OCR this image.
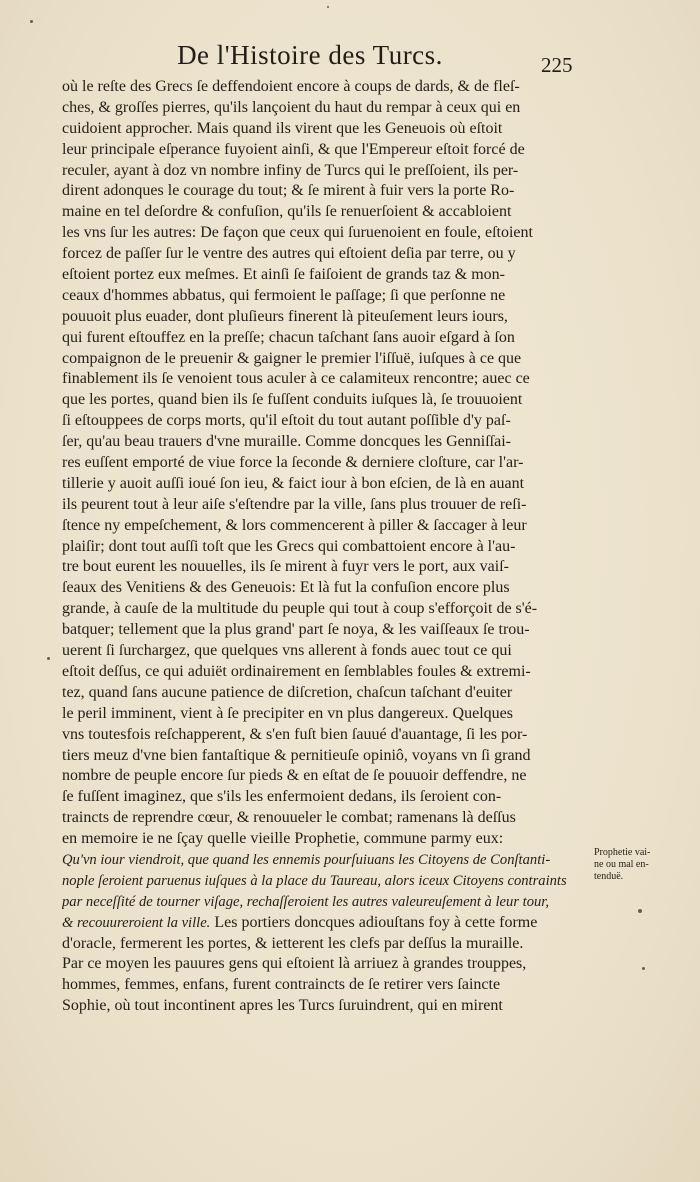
De l'Histoire des Turcs.	225
où le reſte des Grecs ſe deffendoient encore à coups de dards, & de fleſ-
ches, & groſſes pierres, qu'ils lançoient du haut du rempar à ceux qui en
cuidoient approcher. Mais quand ils virent que les Geneuois où eſtoit
leur principale eſperance fuyoient ainſi, & que l'Empereur eſtoit forcé de
reculer, ayant à doz vn nombre infiny de Turcs qui le preſſoient, ils per-
dirent adonques le courage du tout; & ſe mirent à fuir vers la porte Ro-
maine en tel deſordre & confuſion, qu'ils ſe renuerſoient & accabloient
les vns ſur les autres: De façon que ceux qui ſuruenoient en foule, eſtoient
forcez de paſſer ſur le ventre des autres qui eſtoient deſia par terre, ou y
eſtoient portez eux meſmes. Et ainſi ſe faiſoient de grands taz & mon-
ceaux d'hommes abbatus, qui fermoient le paſſage; ſi que perſonne ne
pouuoit plus euader, dont pluſieurs finerent là piteuſement leurs iours,
qui furent eſtouffez en la preſſe; chacun taſchant ſans auoir eſgard à ſon
compaignon de le preuenir & gaigner le premier l'iſſuë, iuſques à ce que
finablement ils ſe venoient tous aculer à ce calamiteux rencontre; auec ce
que les portes, quand bien ils ſe fuſſent conduits iuſques là, ſe trouuoient
ſi eſtouppees de corps morts, qu'il eſtoit du tout autant poſſible d'y paſ-
ſer, qu'au beau trauers d'vne muraille. Comme doncques les Genniſſai-
res euſſent emporté de viue force la ſeconde & derniere cloſture, car l'ar-
tillerie y auoit auſſi ioué ſon ieu, & faict iour à bon eſcien, de là en auant
ils peurent tout à leur aiſe s'eſtendre par la ville, ſans plus trouuer de reſi-
ſtence ny empeſchement, & lors commencerent à piller & ſaccager à leur
plaiſir; dont tout auſſi toſt que les Grecs qui combattoient encore à l'au-
tre bout eurent les nouuelles, ils ſe mirent à fuyr vers le port, aux vaiſ-
ſeaux des Venitiens & des Geneuois: Et là fut la confuſion encore plus
grande, à cauſe de la multitude du peuple qui tout à coup s'efforçoit de s'é-
batquer; tellement que la plus grand' part ſe noya, & les vaiſſeaux ſe trou-
uerent ſi ſurchargez, que quelques vns allerent à fonds auec tout ce qui
eſtoit deſſus, ce qui aduiët ordinairement en ſemblables foules & extremi-
tez, quand ſans aucune patience de diſcretion, chaſcun taſchant d'euiter
le peril imminent, vient à ſe precipiter en vn plus dangereux. Quelques
vns toutesfois reſchapperent, & s'en fuſt bien ſauué d'auantage, ſi les por-
tiers meuz d'vne bien fantaſtique & pernitieuſe opiniô, voyans vn ſi grand
nombre de peuple encore ſur pieds & en eſtat de ſe pouuoir deffendre, ne
ſe fuſſent imaginez, que s'ils les enfermoient dedans, ils ſeroient con-
traincts de reprendre cœur, & renouueler le combat; ramenans là deſſus
en memoire ie ne ſçay quelle vieille Prophetie, commune parmy eux:
Qu'vn iour viendroit, que quand les ennemis pourſuiuans les Citoyens de Conſtanti-
nople ſeroient paruenus iuſques à la place du Taureau, alors iceux Citoyens contraints
par neceſſité de tourner viſage, rechaſſeroient les autres valeureuſement à leur tour,
& recouureroient la ville. Les portiers doncques adiouſtans foy à cette forme
d'oracle, fermerent les portes, & ietterent les clefs par deſſus la muraille.
Par ce moyen les pauures gens qui eſtoient là arriuez à grandes trouppes,
hommes, femmes, enfans, furent contraincts de ſe retirer vers ſaincte
Sophie, où tout incontinent apres les Turcs ſuruindrent, qui en mirent
Prophetie vai-
ne ou mal en-
tenduë.
